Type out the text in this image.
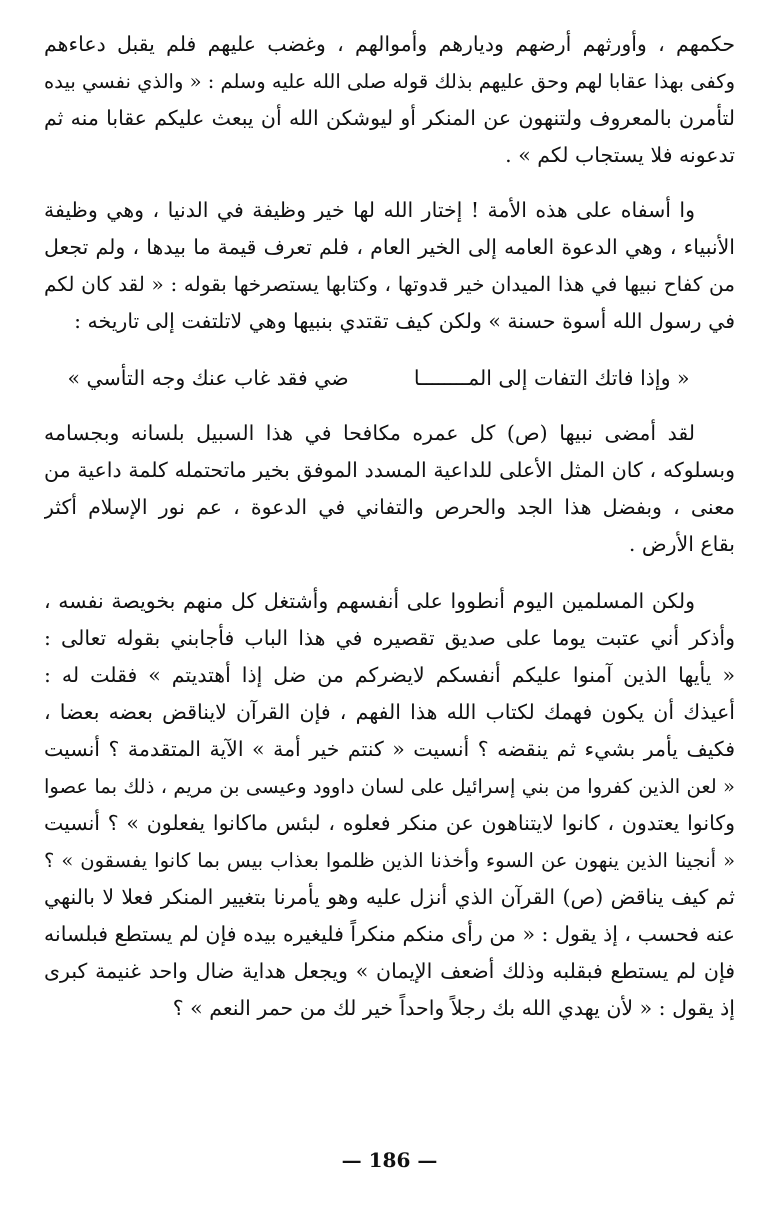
حكمهم ، وأورثهم أرضهم وديارهم وأموالهم ، وغضب عليهم فلم يقبل دعاءهم
وكفى بهذا عقابا لهم وحق عليهم بذلك قوله صلى الله عليه وسلم : « والذي نفسي بيده
لتأمرن بالمعروف ولتنهون عن المنكر أو ليوشكن الله أن يبعث عليكم عقابا منه ثم
تدعونه فلا يستجاب لكم » .
وا أسفاه على هذه الأمة ! إختار الله لها خير وظيفة في الدنيا ، وهي وظيفة
الأنبياء ، وهي الدعوة العامه إلى الخير العام ، فلم تعرف قيمة ما بيدها ، ولم تجعل
من كفاح نبيها في هذا الميدان خير قدوتها ، وكتابها يستصرخها بقوله : « لقد كان لكم
في رسول الله أسوة حسنة » ولكن كيف تقتدي بنبيها وهي لاتلتفت إلى تاريخه :
« وإذا فاتك التفات إلى المــــــــا          ضي فقد غاب عنك وجه التأسي »
لقد أمضى نبيها (ص) كل عمره مكافحا في هذا السبيل بلسانه وبجسامه
وبسلوكه ، كان المثل الأعلى للداعية المسدد الموفق بخير ماتحتمله كلمة داعية من
معنى ، وبفضل هذا الجد والحرص والتفاني في الدعوة ، عم نور الإسلام أكثر
بقاع الأرض .
ولكن المسلمين اليوم أنطووا على أنفسهم وأشتغل كل منهم بخويصة نفسه ،
وأذكر أني عتبت يوما على صديق تقصيره في هذا الباب فأجابني بقوله تعالى :
« يأيها الذين آمنوا عليكم أنفسكم لايضركم من ضل إذا أهتديتم » فقلت له :
أعيذك أن يكون فهمك لكتاب الله هذا الفهم ، فإن القرآن لايناقض بعضه بعضا ،
فكيف يأمر بشيء ثم ينقضه ؟ أنسيت « كنتم خير أمة » الآية المتقدمة ؟ أنسيت
« لعن الذين كفروا من بني إسرائيل على لسان داوود وعيسى بن مريم ، ذلك بما عصوا
وكانوا يعتدون ، كانوا لايتناهون عن منكر فعلوه ، لبئس ماكانوا يفعلون » ؟ أنسيت
« أنجينا الذين ينهون عن السوء وأخذنا الذين ظلموا بعذاب بيس بما كانوا يفسقون » ؟
ثم كيف يناقض (ص) القرآن الذي أنزل عليه وهو يأمرنا بتغيير المنكر فعلا لا بالنهي
عنه فحسب ، إذ يقول : « من رأى منكم منكراً فليغيره بيده فإن لم يستطع فبلسانه
فإن لم يستطع فبقلبه وذلك أضعف الإيمان » ويجعل هداية ضال واحد غنيمة كبرى
إذ يقول : « لأن يهدي الله بك رجلاً واحداً خير لك من حمر النعم » ؟
— 186 —
